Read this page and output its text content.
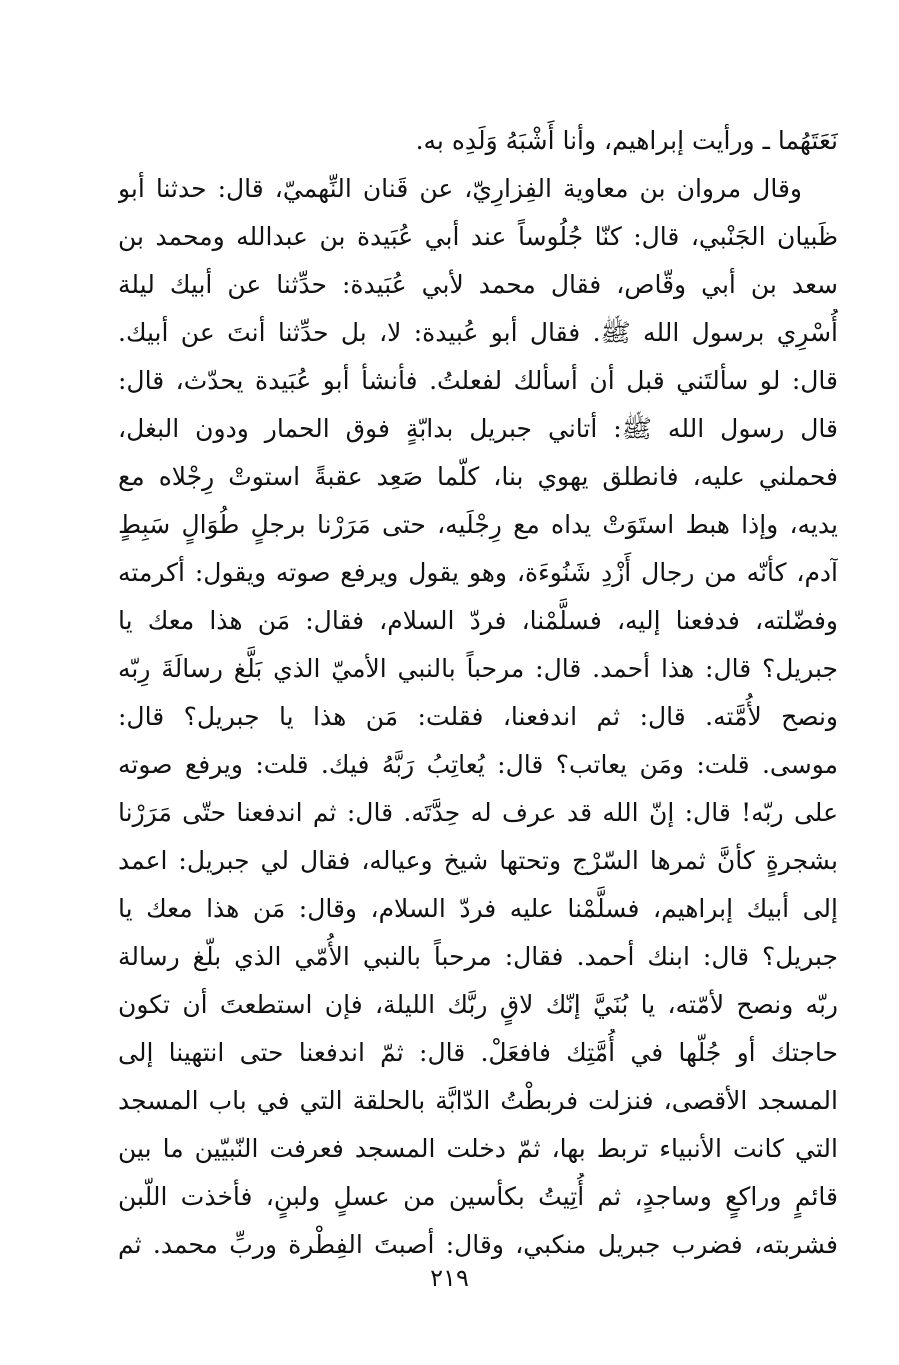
نَعَتَهُما ـ ورأيت إبراهيم، وأنا أَشْبَهُ وَلَدِه به.
وقال مروان بن معاوية الفِزارِيّ، عن قَنان النِّهميّ، قال: حدثنا أبو
ظَبيان الجَنْبي، قال: كنّا جُلُوساً عند أبي عُبَيدة بن عبدالله ومحمد بن
سعد بن أبي وقّاص، فقال محمد لأبي عُبَيدة: حدِّثنا عن أبيك ليلة
أُسْرِي برسول الله ﷺ. فقال أبو عُبيدة: لا، بل حدِّثنا أنتَ عن أبيك.
قال: لو سألتَني قبل أن أسألك لفعلتُ. فأنشأ أبو عُبَيدة يحدّث، قال:
قال رسول الله ﷺ: أتاني جبريل بدابّةٍ فوق الحمار ودون البغل،
فحملني عليه، فانطلق يهوي بنا، كلّما صَعِد عقبةً استوتْ رِجْلاه مع
يديه، وإذا هبط استَوَتْ يداه مع رِجْلَيه، حتى مَرَرْنا برجلٍ طُوَالٍ سَبِطٍ
آدم، كأنّه من رجال أَزْدِ شَنُوءَة، وهو يقول ويرفع صوته ويقول: أكرمته
وفضّلته، فدفعنا إليه، فسلَّمْنا، فردّ السلام، فقال: مَن هذا معك يا
جبريل؟ قال: هذا أحمد. قال: مرحباً بالنبي الأميّ الذي بَلَّغ رسالَةَ رِبّه
ونصح لأُمَّته. قال: ثم اندفعنا، فقلت: مَن هذا يا جبريل؟ قال:
موسى. قلت: ومَن يعاتب؟ قال: يُعاتِبُ رَبَّهُ فيك. قلت: ويرفع صوته
على ربّه! قال: إنّ الله قد عرف له حِدَّتَه. قال: ثم اندفعنا حتّى مَرَرْنا
بشجرةٍ كأنَّ ثمرها السّرْج وتحتها شيخ وعياله، فقال لي جبريل: اعمد
إلى أبيك إبراهيم، فسلَّمْنا عليه فردّ السلام، وقال: مَن هذا معك يا
جبريل؟ قال: ابنك أحمد. فقال: مرحباً بالنبي الأُمّي الذي بلّغ رسالة
ربّه ونصح لأمّته، يا بُنَيَّ إنّك لاقٍ ربَّك الليلة، فإن استطعتَ أن تكون
حاجتك أو جُلّها في أُمَّتِك فافعَلْ. قال: ثمّ اندفعنا حتى انتهينا إلى
المسجد الأقصى، فنزلت فربطْتُ الدّابَّة بالحلقة التي في باب المسجد
التي كانت الأنبياء تربط بها، ثمّ دخلت المسجد فعرفت النّبيّين ما بين
قائمٍ وراكعٍ وساجدٍ، ثم أُتِيتُ بكأسين من عسلٍ ولبنٍ، فأخذت اللّبن
فشربته، فضرب جبريل منكبي، وقال: أصبتَ الفِطْرة وربِّ محمد. ثم
٢١٩
